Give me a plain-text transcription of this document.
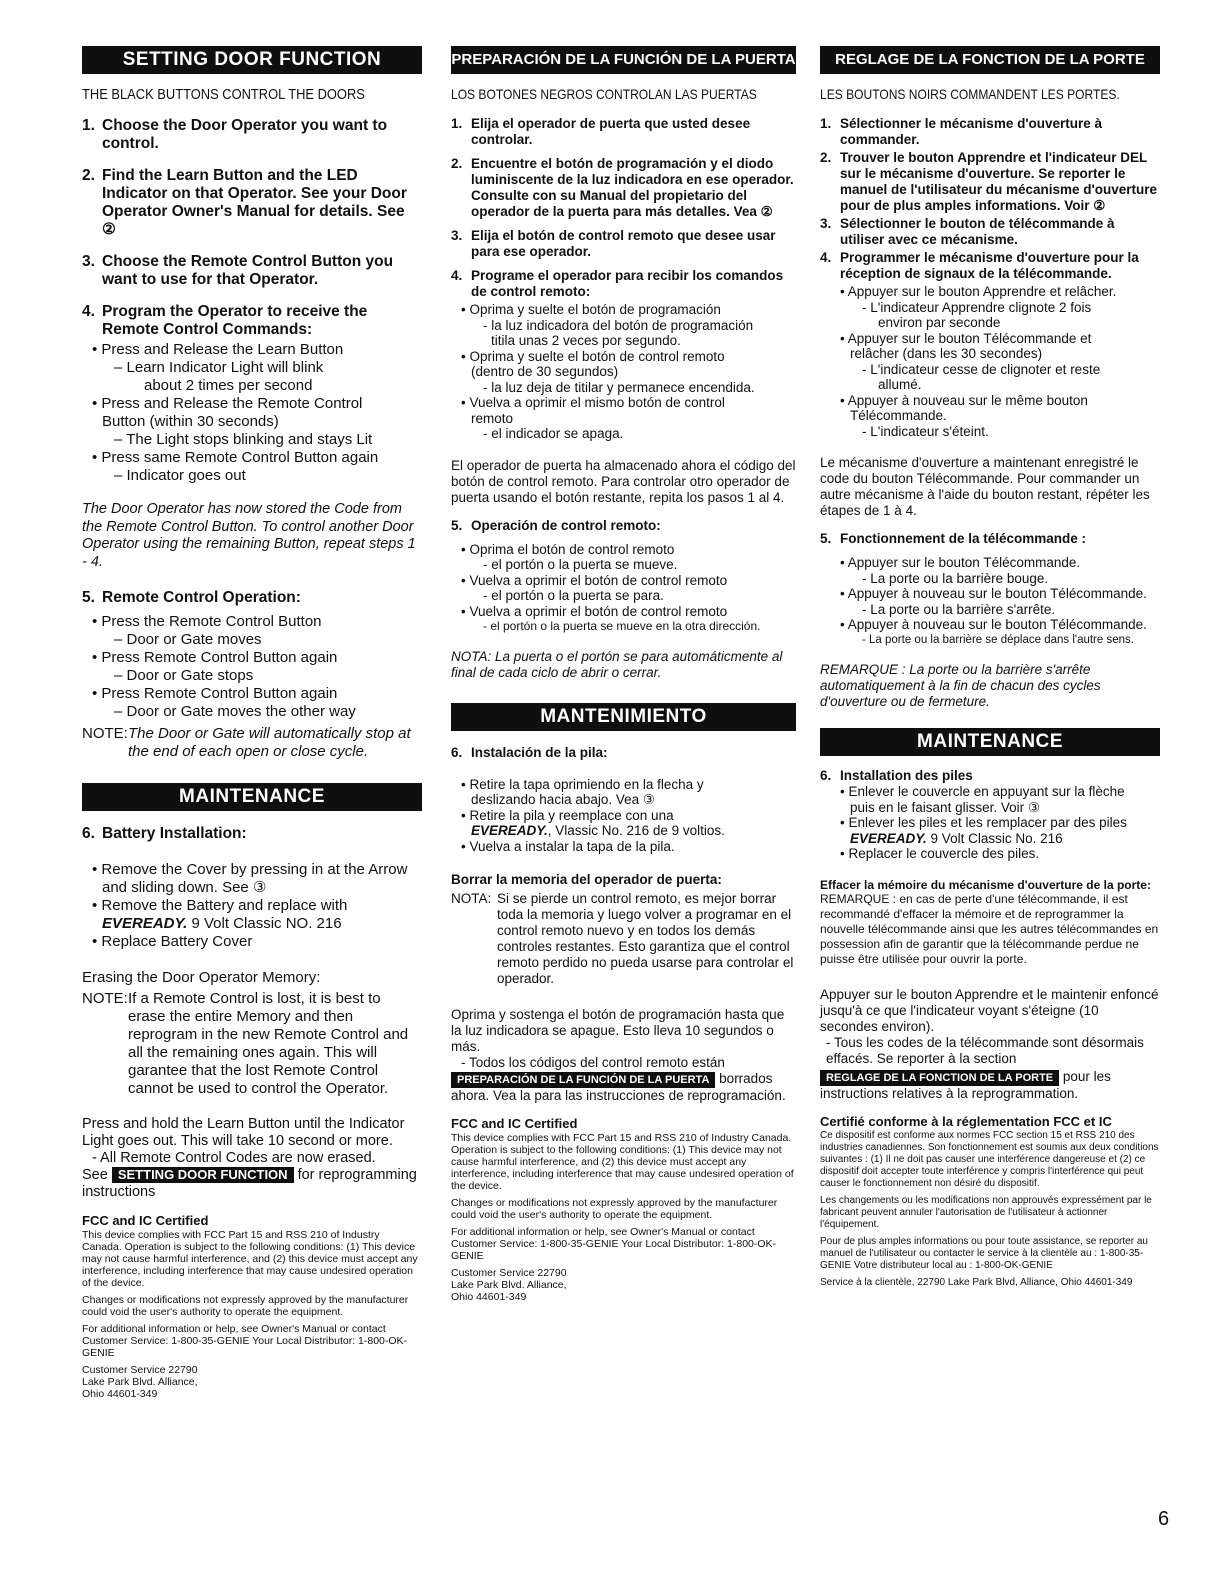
SETTING DOOR FUNCTION
THE BLACK BUTTONS CONTROL THE DOORS
1. Choose the Door Operator you want to control.
2. Find the Learn Button and the LED Indicator on that Operator. See your Door Operator Owner's Manual for details. See ②
3. Choose the Remote Control Button you want to use for that Operator.
4. Program the Operator to receive the Remote Control Commands:
• Press and Release the Learn Button
– Learn Indicator Light will blink
about 2 times per second
• Press and Release the Remote Control
Button (within 30 seconds)
– The Light stops blinking and stays Lit
• Press same Remote Control Button again
– Indicator goes out
The Door Operator has now stored the Code from the Remote Control Button. To control another Door Operator using the remaining Button, repeat steps 1 - 4.
5. Remote Control Operation:
• Press the Remote Control Button
– Door or Gate moves
• Press Remote Control Button again
– Door or Gate stops
• Press Remote Control Button again
– Door or Gate moves the other way
NOTE: The Door or Gate will automatically stop at the end of each open or close cycle.
MAINTENANCE
6. Battery Installation:
• Remove the Cover by pressing in at the Arrow
and sliding down. See ③
• Remove the Battery and replace with
EVEREADY. 9 Volt Classic NO. 216
• Replace Battery Cover
Erasing the Door Operator Memory:
NOTE: If a Remote Control is lost, it is best to erase the entire Memory and then reprogram in the new Remote Control and all the remaining ones again. This will garantee that the lost Remote Control cannot be used to control the Operator.
Press and hold the Learn Button until the Indicator Light goes out. This will take 10 second or more.
- All Remote Control Codes are now erased.
See SETTING DOOR FUNCTION for reprogramming instructions
FCC and IC Certified
This device complies with FCC Part 15 and RSS 210 of Industry Canada. Operation is subject to the following conditions: (1) This device may not cause harmful interference, and (2) this device must accept any interference, including interference that may cause undesired operation of the device.
Changes or modifications not expressly approved by the manufacturer could void the user's authority to operate the equipment.
For additional information or help, see Owner's Manual or contact Customer Service: 1-800-35-GENIE Your Local Distributor: 1-800-OK-GENIE
Customer Service 22790 Lake Park Blvd. Alliance, Ohio 44601-349
PREPARACIÓN DE LA FUNCIÓN DE LA PUERTA
LOS BOTONES NEGROS CONTROLAN LAS PUERTAS
1. Elija el operador de puerta que usted desee controlar.
2. Encuentre el botón de programación y el diodo luminiscente de la luz indicadora en ese operador. Consulte con su Manual del propietario del operador de la puerta para más detalles. Vea ②
3. Elija el botón de control remoto que desee usar para ese operador.
4. Programe el operador para recibir los comandos de control remoto:
• Oprima y suelte el botón de programación
- la luz indicadora del botón de programación
titila unas 2 veces por segundo.
• Oprima y suelte el botón de control remoto
(dentro de 30 segundos)
- la luz deja de titilar y permanece encendida.
• Vuelva a oprimir el mismo botón de control
remoto
- el indicador se apaga.
El operador de puerta ha almacenado ahora el código del botón de control remoto. Para controlar otro operador de puerta usando el botón restante, repita los pasos 1 al 4.
5. Operación de control remoto:
• Oprima el botón de control remoto
- el portón o la puerta se mueve.
• Vuelva a oprimir el botón de control remoto
- el portón o la puerta se para.
• Vuelva a oprimir el botón de control remoto
- el portón o la puerta se mueve en la otra dirección.
NOTA: La puerta o el portón se para automáticmente al final de cada ciclo de abrir o cerrar.
MANTENIMIENTO
6. Instalación de la pila:
• Retire la tapa oprimiendo en la flecha y
deslizando hacia abajo. Vea ③
• Retire la pila y reemplace con una
EVEREADY., Vlassic No. 216 de 9 voltios.
• Vuelva a instalar la tapa de la pila.
Borrar la memoria del operador de puerta:
NOTA: Si se pierde un control remoto, es mejor borrar toda la memoria y luego volver a programar en el control remoto nuevo y en todos los demás controles restantes. Esto garantiza que el control remoto perdido no pueda usarse para controlar el operador.
Oprima y sostenga el botón de programación hasta que la luz indicadora se apague. Esto lleva 10 segundos o más.
- Todos los códigos del control remoto están
PREPARACIÓN DE LA FUNCIÓN DE LA PUERTA borrados
ahora. Vea la para las instrucciones de reprogramación.
FCC and IC Certified
This device complies with FCC Part 15 and RSS 210 of Industry Canada. Operation is subject to the following conditions: (1) This device may not cause harmful interference, and (2) this device must accept any interference, including interference that may cause undesired operation of the device.
Changes or modifications not expressly approved by the manufacturer could void the user's authority to operate the equipment.
For additional information or help, see Owner's Manual or contact Customer Service: 1-800-35-GENIE Your Local Distributor: 1-800-OK-GENIE
Customer Service 22790 Lake Park Blvd. Alliance, Ohio 44601-349
REGLAGE DE LA FONCTION DE LA PORTE
LES BOUTONS NOIRS COMMANDENT LES PORTES.
1. Sélectionner le mécanisme d'ouverture à commander.
2. Trouver le bouton Apprendre et l'indicateur DEL sur le mécanisme d'ouverture. Se reporter le manuel de l'utilisateur du mécanisme d'ouverture pour de plus amples informations. Voir ②
3. Sélectionner le bouton de télécommande à utiliser avec ce mécanisme.
4. Programmer le mécanisme d'ouverture pour la réception de signaux de la télécommande.
• Appuyer sur le bouton Apprendre et relâcher.
- L'indicateur Apprendre clignote 2 fois
environ par seconde
• Appuyer sur le bouton Télécommande et
relâcher (dans les 30 secondes)
- L'indicateur cesse de clignoter et reste
allumé.
• Appuyer à nouveau sur le même bouton
Télécommande.
- L'indicateur s'éteint.
Le mécanisme d'ouverture a maintenant enregistré le code du bouton Télécommande. Pour commander un autre mécanisme à l'aide du bouton restant, répéter les étapes de 1 à 4.
5. Fonctionnement de la télécommande :
• Appuyer sur le bouton Télécommande.
- La porte ou la barrière bouge.
• Appuyer à nouveau sur le bouton Télécommande.
- La porte ou la barrière s'arrête.
• Appuyer à nouveau sur le bouton Télécommande.
- La porte ou la barrière se déplace dans l'autre sens.
REMARQUE : La porte ou la barrière s'arrête automatiquement à la fin de chacun des cycles d'ouverture ou de fermeture.
MAINTENANCE
6. Installation des piles
• Enlever le couvercle en appuyant sur la flèche
puis en le faisant glisser. Voir ③
• Enlever les piles et les remplacer par des piles
EVEREADY. 9 Volt Classic No. 216
• Replacer le couvercle des piles.
Effacer la mémoire du mécanisme d'ouverture de la porte:
REMARQUE : en cas de perte d'une télécommande, il est recommandé d'effacer la mémoire et de reprogrammer la nouvelle télécommande ainsi que les autres télécommandes en possession afin de garantir que la télécommande perdue ne puisse être utilisée pour ouvrir la porte.
Appuyer sur le bouton Apprendre et le maintenir enfoncé jusqu'à ce que l'indicateur voyant s'éteigne (10 secondes environ).
- Tous les codes de la télécommande sont désormais effacés. Se reporter à la section
REGLAGE DE LA FONCTION DE LA PORTE pour les
instructions relatives à la reprogrammation.
Certifié conforme à la réglementation FCC et IC
Ce dispositif est conforme aux normes FCC section 15 et RSS 210 des industries canadiennes. Son fonctionnement est soumis aux deux conditions suivantes : (1) Il ne doit pas causer une interférence dangereuse et (2) ce dispositif doit accepter toute interférence y compris l'interférence qui peut causer le fonctionnement non désiré du dispositif.
Les changements ou les modifications non approuvés expressément par le fabricant peuvent annuler l'autorisation de l'utilisateur à actionner l'équipement.
Pour de plus amples informations ou pour toute assistance, se reporter au manuel de l'utilisateur ou contacter le service à la clientèle au : 1-800-35-GENIE Votre distributeur local au : 1-800-OK-GENIE
Service à la clientèle, 22790 Lake Park Blvd, Alliance, Ohio 44601-349
6
